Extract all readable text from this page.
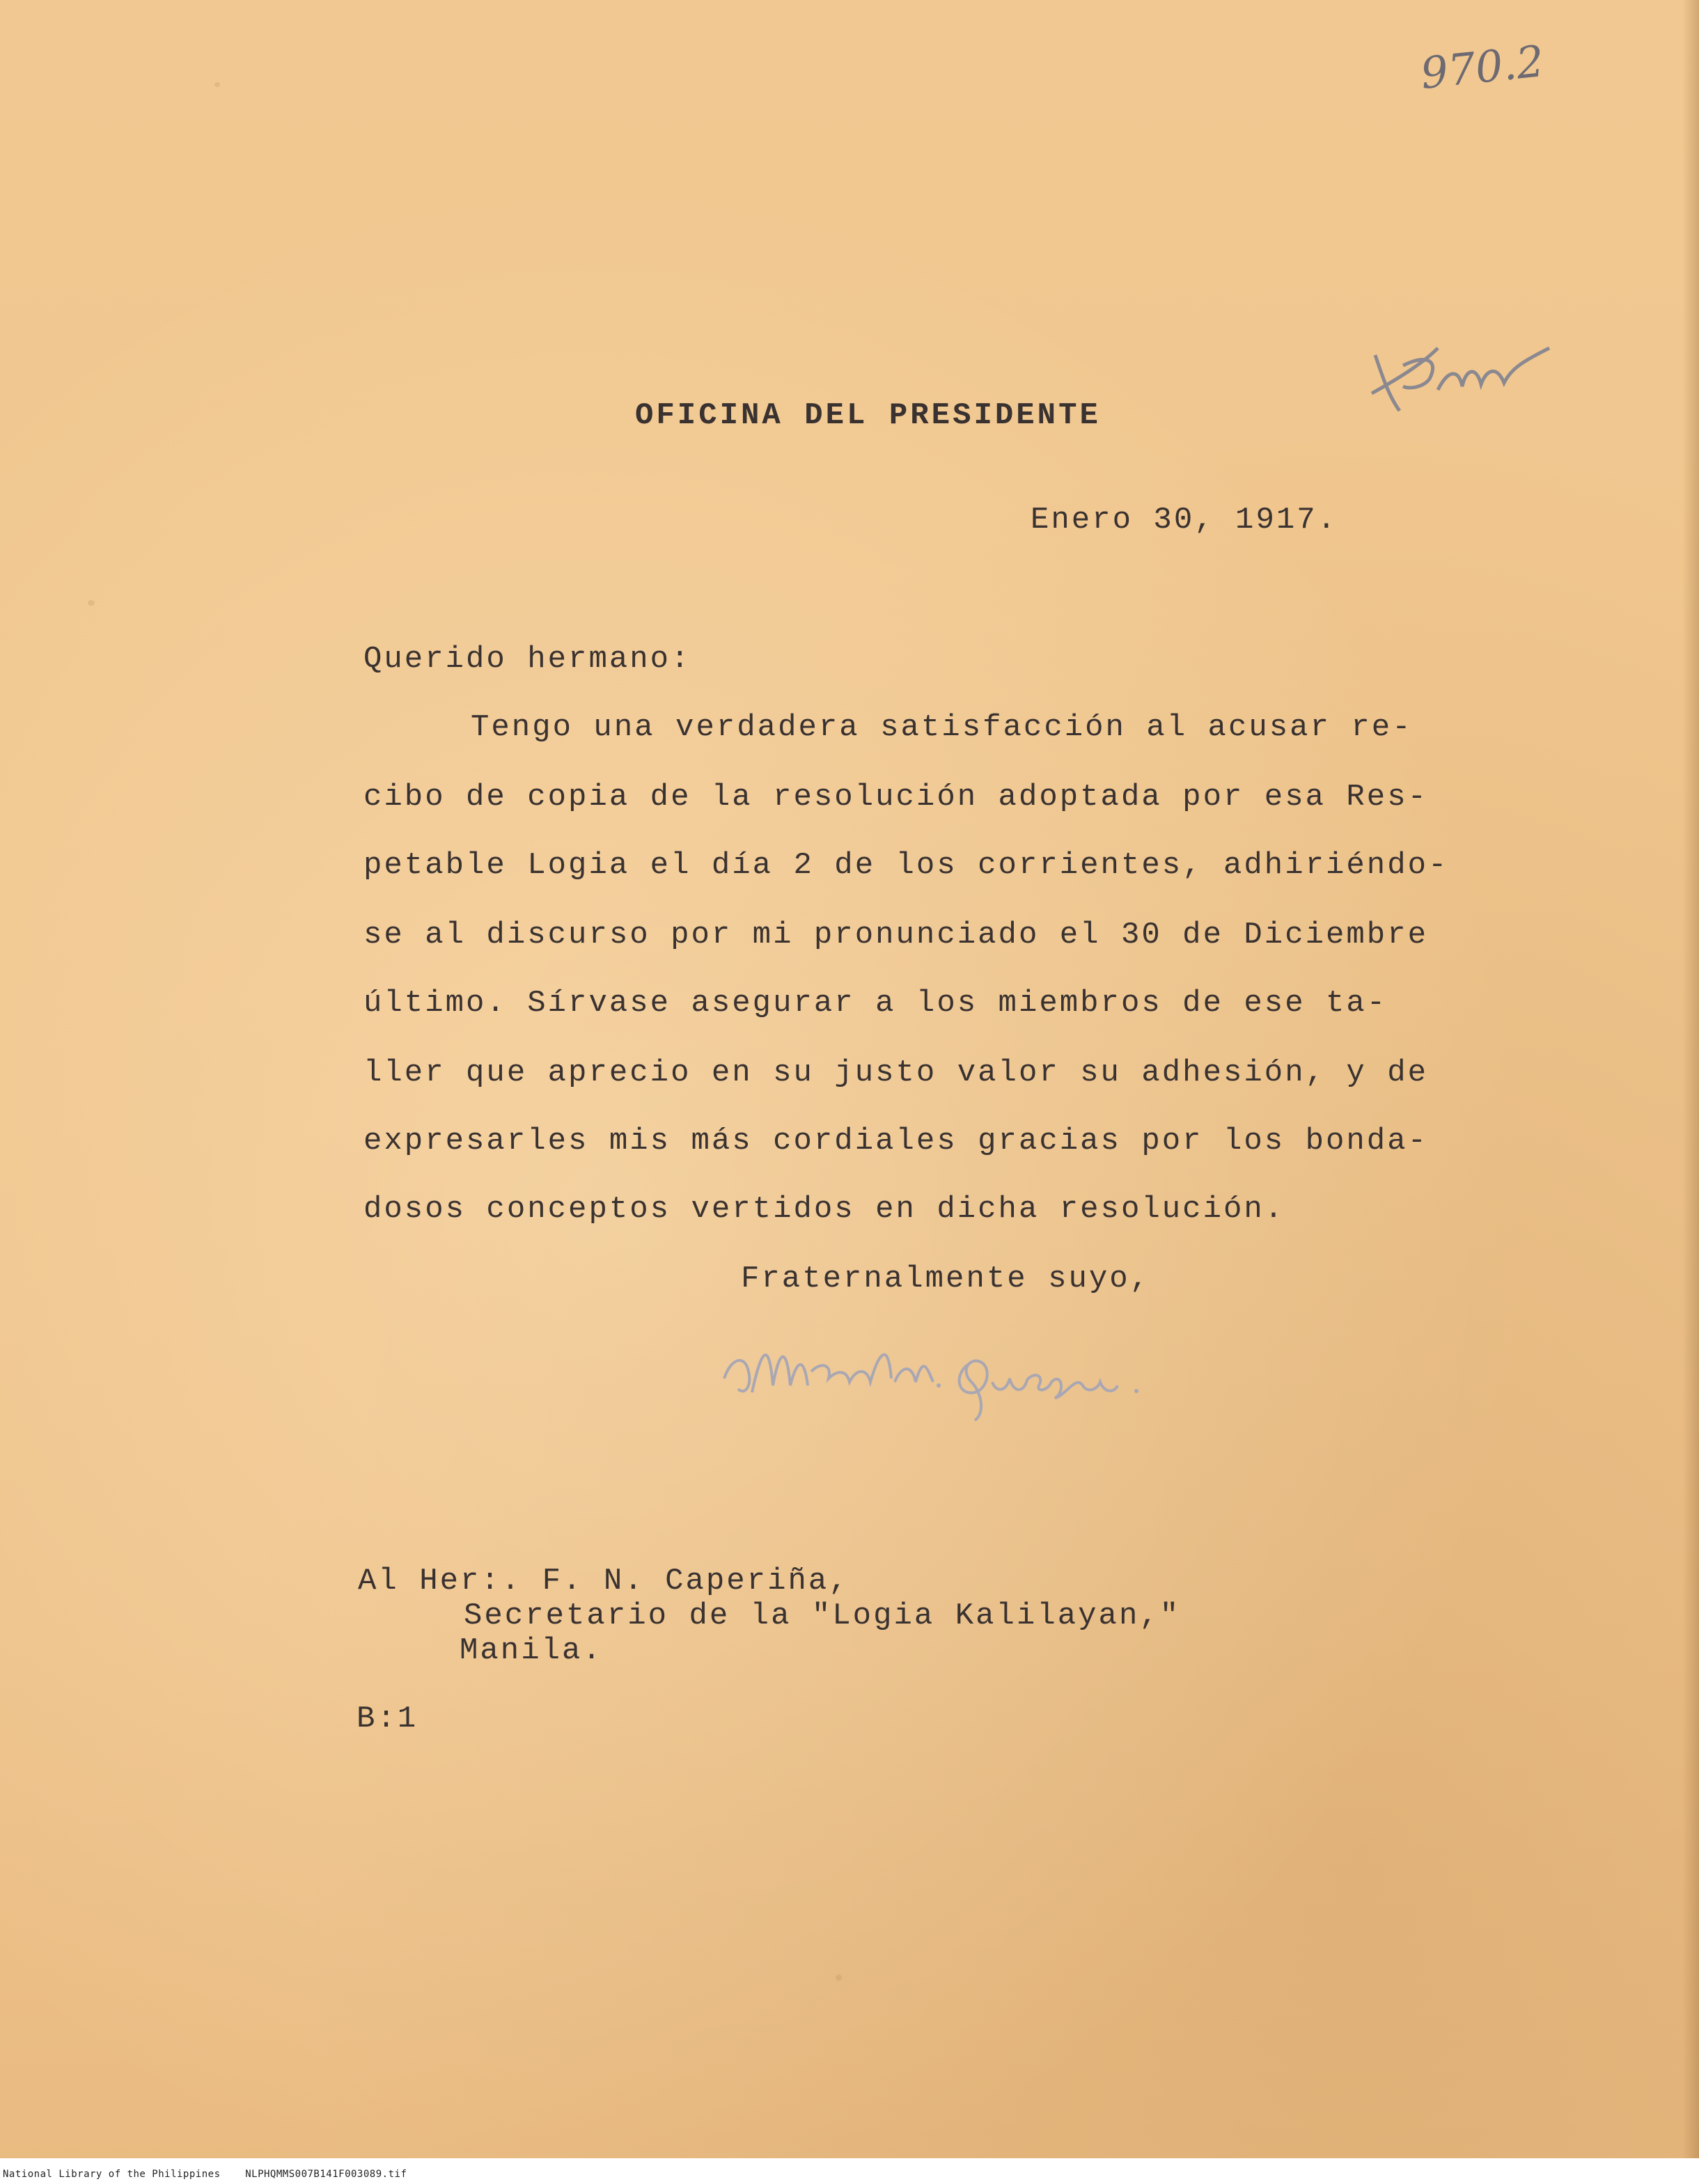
970.2
OFICINA DEL PRESIDENTE
Enero 30, 1917.
Querido hermano:
Tengo una verdadera satisfacción al acusar re-
cibo de copia de la resolución adoptada por esa Res-
petable Logia el día 2 de los corrientes, adhiriéndo-
se al discurso por mi pronunciado el 30 de Diciembre
último. Sírvase asegurar a los miembros de ese ta-
ller que aprecio en su justo valor su adhesión, y de
expresarles mis más cordiales gracias por los bonda-
dosos conceptos vertidos en dicha resolución.
Fraternalmente suyo,
Al Her:. F. N. Caperiña,
Secretario de la "Logia Kalilayan,"
Manila.
B:1
National Library of the Philippines    NLPHQMMS007B141F003089.tif
